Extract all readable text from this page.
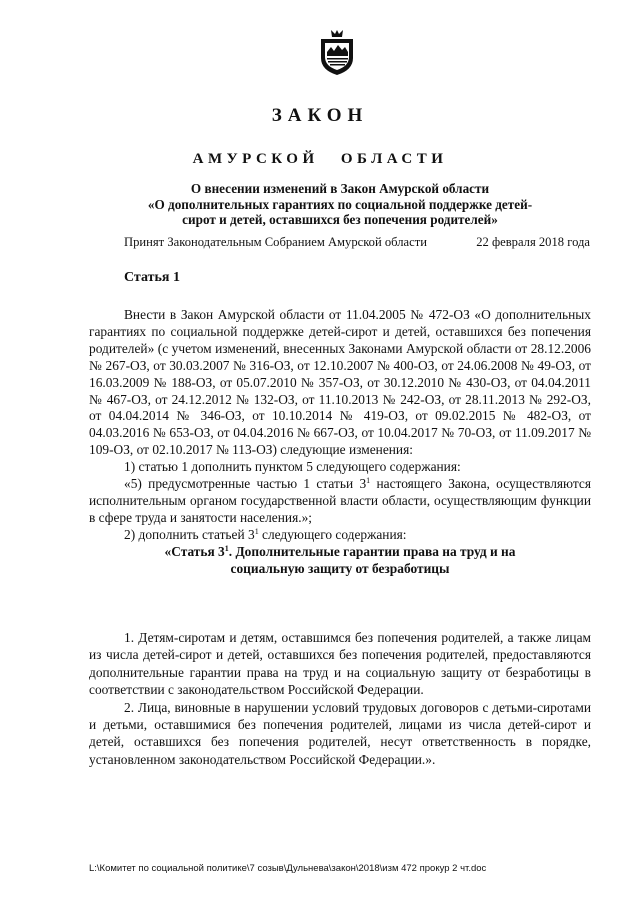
ЗАКОН
АМУРСКОЙ ОБЛАСТИ
О внесении изменений в Закон Амурской области
«О дополнительных гарантиях по социальной поддержке детей-
сирот и детей, оставшихся без попечения родителей»
Принят Законодательным Собранием Амурской области	22 февраля 2018 года
Статья 1

Внести в Закон Амурской области от 11.04.2005 № 472-ОЗ «О дополнительных гарантиях по социальной поддержке детей-сирот и детей, оставшихся без попечения родителей» (с учетом изменений, внесенных Законами Амурской области от 28.12.2006 № 267-ОЗ, от 30.03.2007 № 316-ОЗ, от 12.10.2007 № 400-ОЗ, от 24.06.2008 № 49-ОЗ, от 16.03.2009 № 188-ОЗ, от 05.07.2010 № 357-ОЗ, от 30.12.2010 № 430-ОЗ, от 04.04.2011 № 467-ОЗ, от 24.12.2012 № 132-ОЗ, от 11.10.2013 № 242-ОЗ, от 28.11.2013 № 292-ОЗ, от 04.04.2014 № 346-ОЗ, от 10.10.2014 № 419-ОЗ, от 09.02.2015 № 482-ОЗ, от 04.03.2016 № 653-ОЗ, от 04.04.2016 № 667-ОЗ, от 10.04.2017 № 70-ОЗ, от 11.09.2017 № 109-ОЗ, от 02.10.2017 № 113-ОЗ) следующие изменения:

1) статью 1 дополнить пунктом 5 следующего содержания:

«5) предусмотренные частью 1 статьи $3^1$ настоящего Закона, осуществляются исполнительным органом государственной власти области, осуществляющим функции в сфере труда и занятости населения.»;

2) дополнить статьей $3^1$ следующего содержания:

«Статья $3^1$. Дополнительные гарантии права на труд и на
социальную защиту от безработицы

1. Детям-сиротам и детям, оставшимся без попечения родителей, а также лицам из числа детей-сирот и детей, оставшихся без попечения родителей, предоставляются дополнительные гарантии права на труд и на социальную защиту от безработицы в соответствии с законодательством Российской Федерации.

2. Лица, виновные в нарушении условий трудовых договоров с детьми-сиротами и детьми, оставшимися без попечения родителей, лицами из числа детей-сирот и детей, оставшихся без попечения родителей, несут ответственность в порядке, установленном законодательством Российской Федерации.».

L:\Комитет по социальной политике\7 созыв\Дульнева\закон\2018\изм 472 прокур 2 чт.doc
